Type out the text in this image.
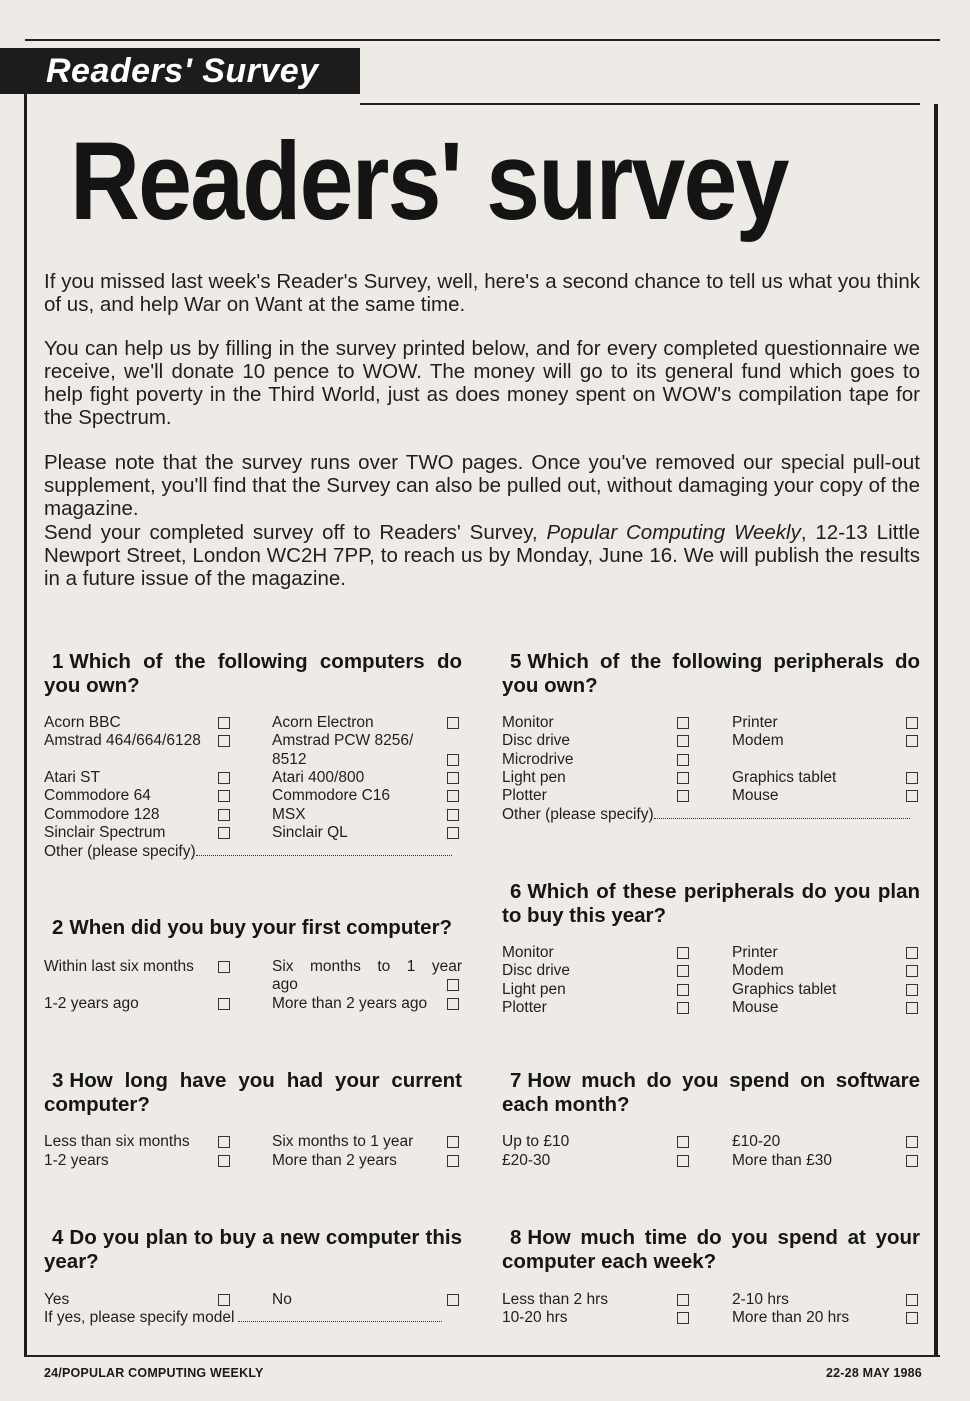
Readers' Survey
Readers' survey

If you missed last week's Reader's Survey, well, here's a second chance to tell us what you think of us, and help War on Want at the same time.

You can help us by filling in the survey printed below, and for every completed questionnaire we receive, we'll donate 10 pence to WOW. The money will go to its general fund which goes to help fight poverty in the Third World, just as does money spent on WOW's compilation tape for the Spectrum.

Please note that the survey runs over TWO pages. Once you've removed our special pull-out supplement, you'll find that the Survey can also be pulled out, without damaging your copy of the magazine.

Send your completed survey off to Readers' Survey, Popular Computing Weekly, 12-13 Little Newport Street, London WC2H 7PP, to reach us by Monday, June 16. We will publish the results in a future issue of the magazine.

1 Which of the following computers do you own?

Acorn BBC	Acorn Electron
Amstrad 464/664/6128	Amstrad PCW 8256/
8512
Atari ST	Atari 400/800
Commodore 64	Commodore C16
Commodore 128	MSX
Sinclair Spectrum	Sinclair QL
Other (please specify)

2 When did you buy your first computer?

Within last six months	Six months to 1 year
ago
1-2 years ago	More than 2 years ago

3 How long have you had your current computer?

Less than six months	Six months to 1 year
1-2 years	More than 2 years

4 Do you plan to buy a new computer this year?

Yes	No
If yes, please specify model

5 Which of the following peripherals do you own?

Monitor	Printer
Disc drive	Modem
Microdrive
Light pen	Graphics tablet
Plotter	Mouse
Other (please specify)

6 Which of these peripherals do you plan to buy this year?

Monitor	Printer
Disc drive	Modem
Light pen	Graphics tablet
Plotter	Mouse

7 How much do you spend on software each month?

Up to £10	£10-20
£20-30	More than £30

8 How much time do you spend at your computer each week?

Less than 2 hrs	2-10 hrs
10-20 hrs	More than 20 hrs
24/POPULAR COMPUTING WEEKLY	22-28 MAY 1986
